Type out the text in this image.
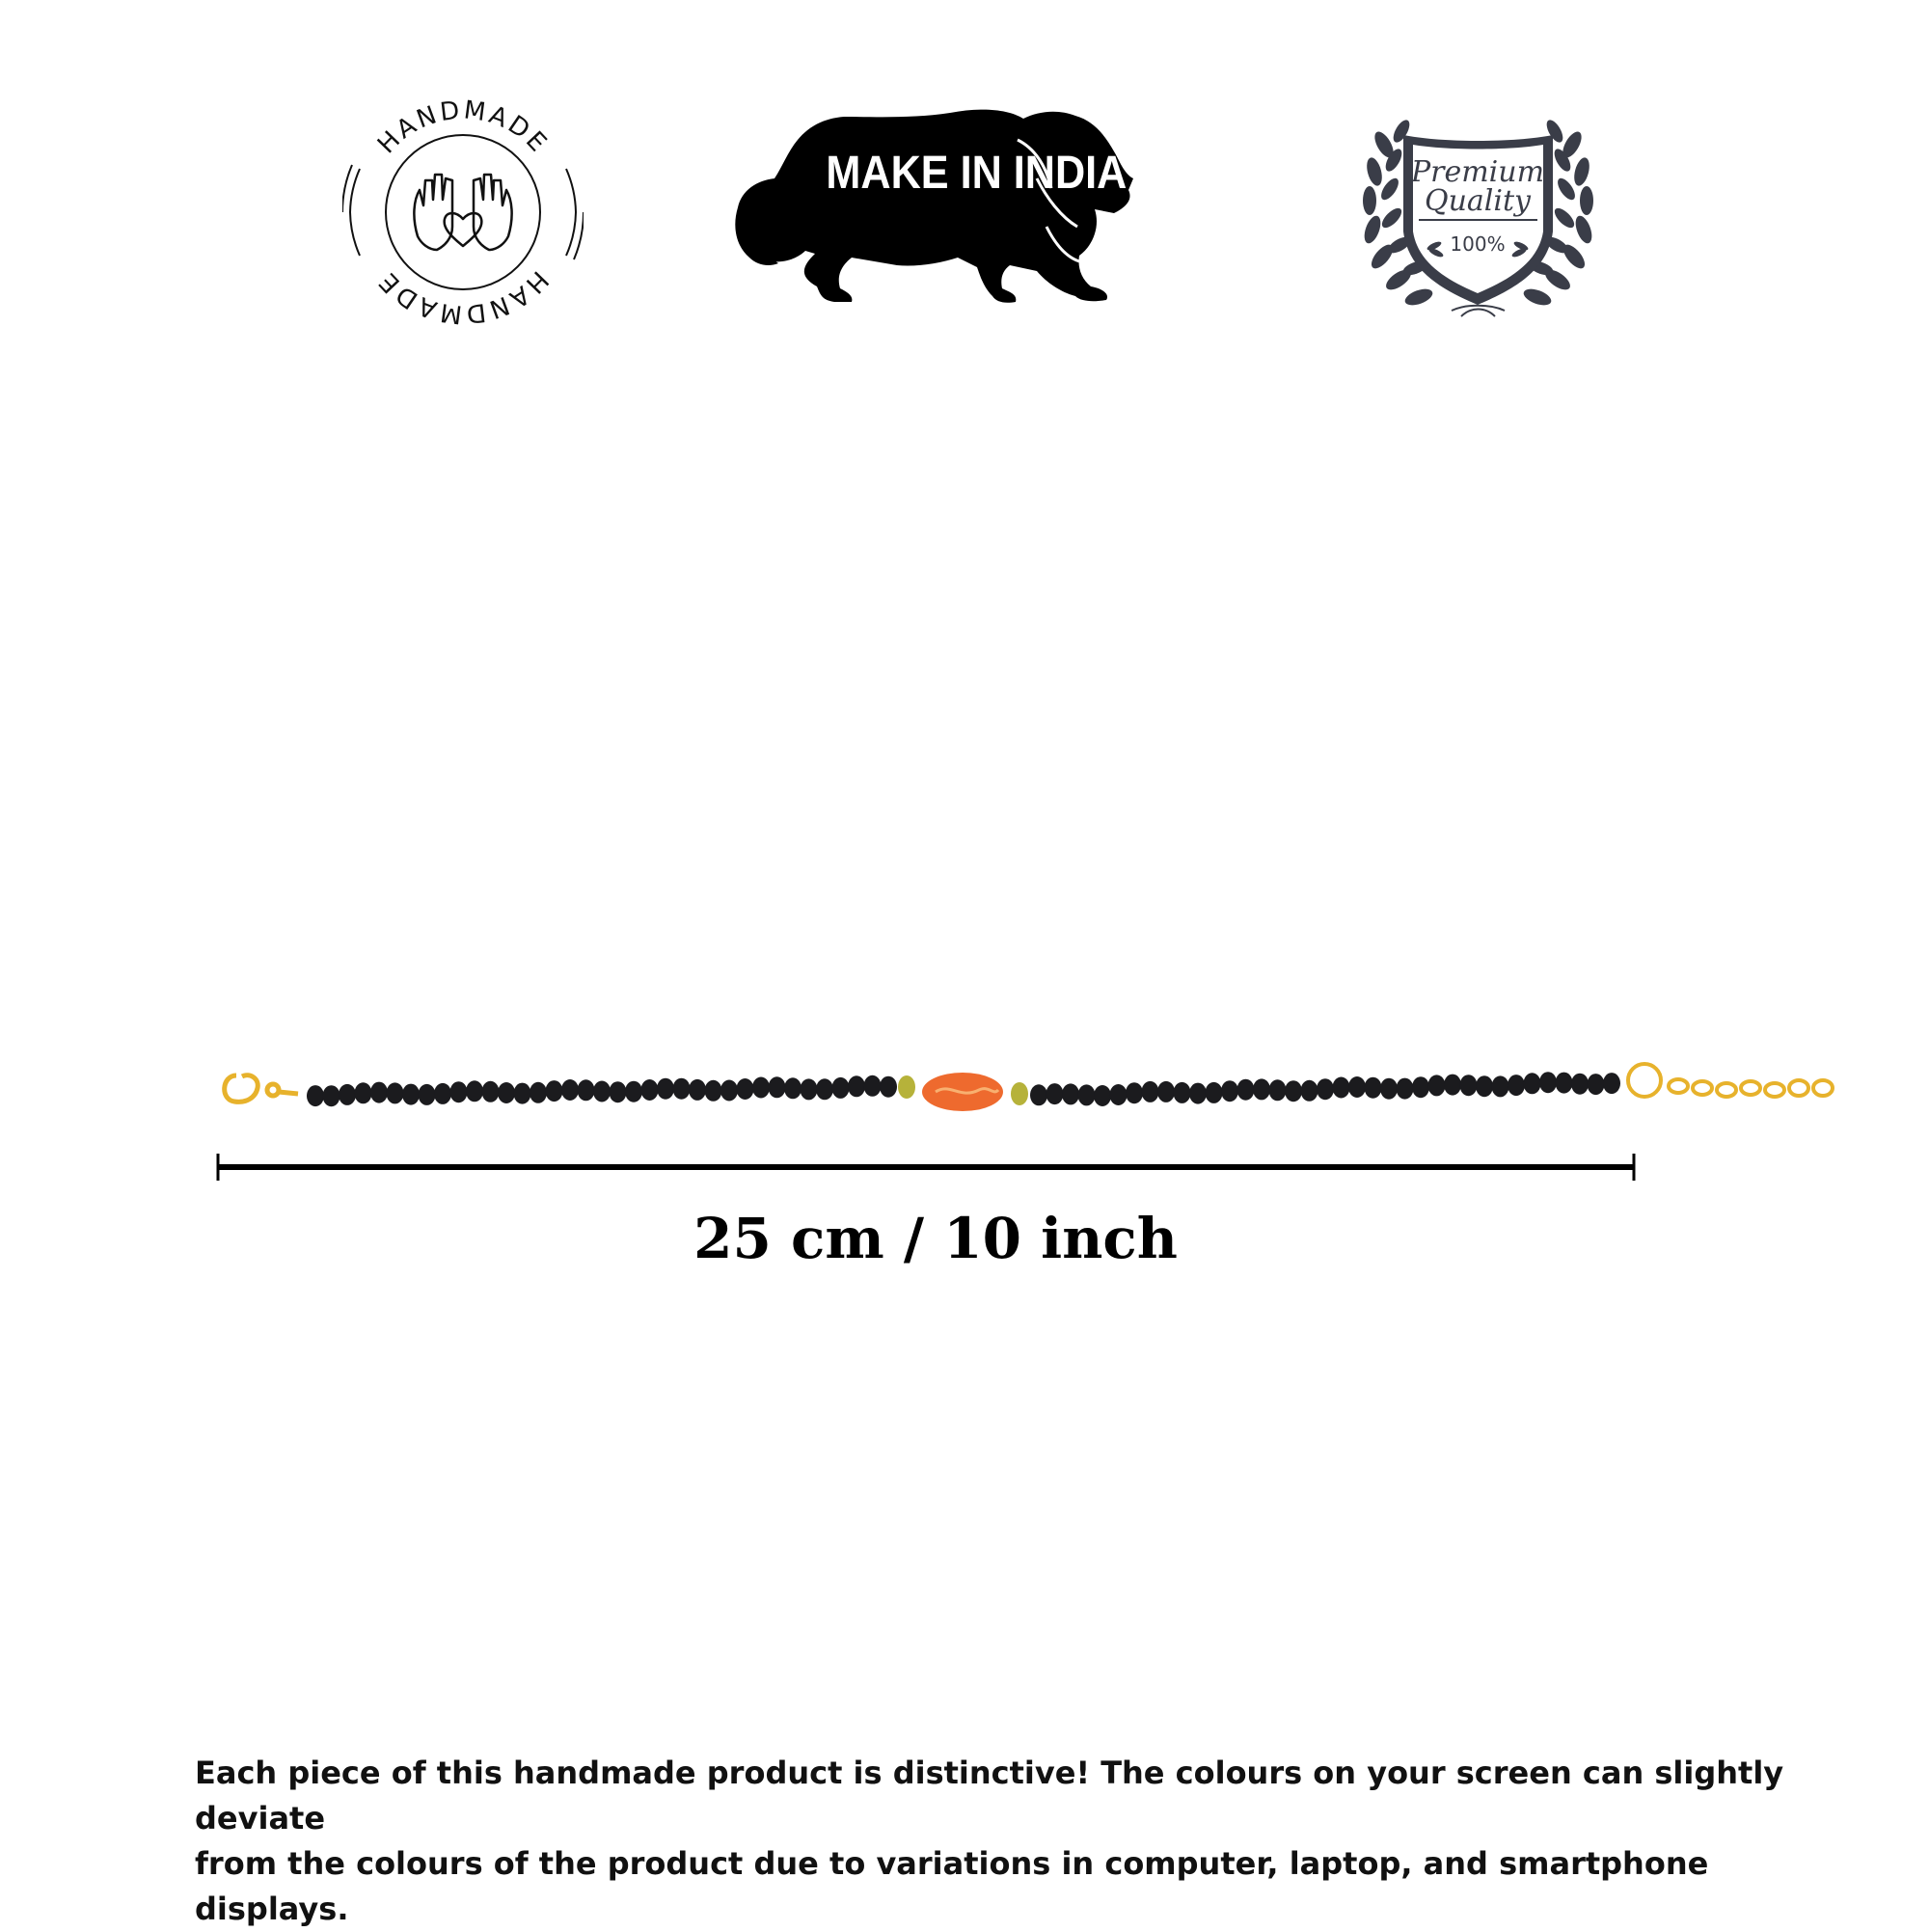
HANDMADE
HANDMADE
MAKE IN INDIA	Premium
Quality
100%
25 cm / 10 inch
Each piece of this handmade product is distinctive! The colours on your screen can slightly deviate
from the colours of the product due to variations in computer, laptop, and smartphone displays.
